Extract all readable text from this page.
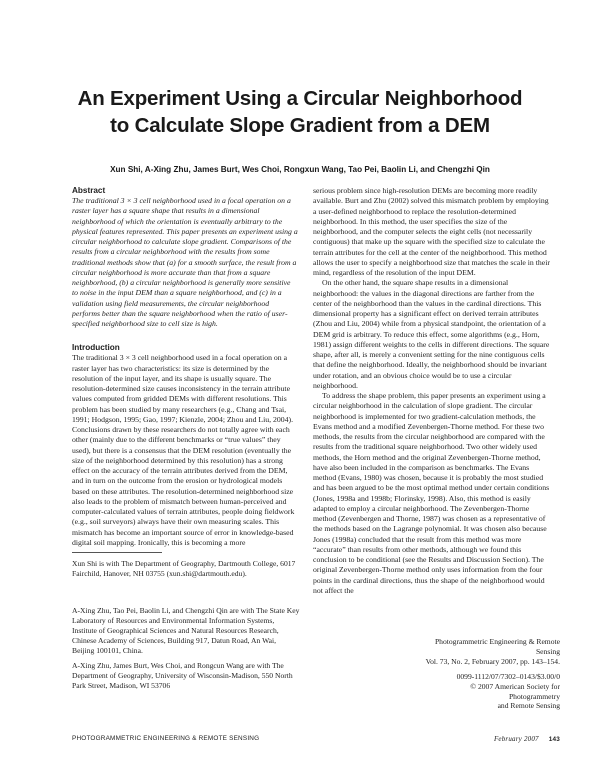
An Experiment Using a Circular Neighborhood
to Calculate Slope Gradient from a DEM
Xun Shi, A-Xing Zhu, James Burt, Wes Choi, Rongxun Wang, Tao Pei, Baolin Li, and Chengzhi Qin
Abstract

The traditional 3 × 3 cell neighborhood used in a focal operation on a raster layer has a square shape that results in a dimensional neighborhood of which the orientation is eventually arbitrary to the physical features represented. This paper presents an experiment using a circular neighborhood to calculate slope gradient. Comparisons of the results from a circular neighborhood with the results from some traditional methods show that (a) for a smooth surface, the result from a circular neighborhood is more accurate than that from a square neighborhood, (b) a circular neighborhood is generally more sensitive to noise in the input DEM than a square neighborhood, and (c) in a validation using field measurements, the circular neighborhood performs better than the square neighborhood when the ratio of user-specified neighborhood size to cell size is high.

Introduction

The traditional 3 × 3 cell neighborhood used in a focal operation on a raster layer has two characteristics: its size is determined by the resolution of the input layer, and its shape is usually square. The resolution-determined size causes inconsistency in the terrain attribute values computed from gridded DEMs with different resolutions. This problem has been studied by many researchers (e.g., Chang and Tsai, 1991; Hodgson, 1995; Gao, 1997; Kienzle, 2004; Zhou and Liu, 2004). Conclusions drawn by these researchers do not totally agree with each other (mainly due to the different benchmarks or “true values” they used), but there is a consensus that the DEM resolution (eventually the size of the neighborhood determined by this resolution) has a strong effect on the accuracy of the terrain attributes derived from the DEM, and in turn on the outcome from the erosion or hydrological models based on these attributes. The resolution-determined neighborhood size also leads to the problem of mismatch between human-perceived and computer-calculated values of terrain attributes, people doing fieldwork (e.g., soil surveyors) always have their own measuring scales. This mismatch has become an important source of error in knowledge-based digital soil mapping. Ironically, this is becoming a more

serious problem since high-resolution DEMs are becoming more readily available. Burt and Zhu (2002) solved this mismatch problem by employing a user-defined neighborhood to replace the resolution-determined neighborhood. In this method, the user specifies the size of the neighborhood, and the computer selects the eight cells (not necessarily contiguous) that make up the square with the specified size to calculate the terrain attributes for the cell at the center of the neighborhood. This method allows the user to specify a neighborhood size that matches the scale in their mind, regardless of the resolution of the input DEM.

On the other hand, the square shape results in a dimensional neighborhood: the values in the diagonal directions are farther from the center of the neighborhood than the values in the cardinal directions. This dimensional property has a significant effect on derived terrain attributes (Zhou and Liu, 2004) while from a physical standpoint, the orientation of a DEM grid is arbitrary. To reduce this effect, some algorithms (e.g., Horn, 1981) assign different weights to the cells in different directions. The square shape, after all, is merely a convenient setting for the nine contiguous cells that define the neighborhood. Ideally, the neighborhood should be invariant under rotation, and an obvious choice would be to use a circular neighborhood.

To address the shape problem, this paper presents an experiment using a circular neighborhood in the calculation of slope gradient. The circular neighborhood is implemented for two gradient-calculation methods, the Evans method and a modified Zevenbergen-Thorne method. For these two methods, the results from the circular neighborhood are compared with the results from the traditional square neighborhood. Two other widely used methods, the Horn method and the original Zevenbergen-Thorne method, have also been included in the comparison as benchmarks. The Evans method (Evans, 1980) was chosen, because it is probably the most studied and has been argued to be the most optimal method under certain conditions (Jones, 1998a and 1998b; Florinsky, 1998). Also, this method is easily adapted to employ a circular neighborhood. The Zevenbergen-Thorne method (Zevenbergen and Thorne, 1987) was chosen as a representative of the methods based on the Lagrange polynomial. It was chosen also because Jones (1998a) concluded that the result from this method was more “accurate” than results from other methods, although we found this conclusion to be conditional (see the Results and Discussion Section). The original Zevenbergen-Thorne method only uses information from the four points in the cardinal directions, thus the shape of the neighborhood would not affect the

Xun Shi is with The Department of Geography, Dartmouth College, 6017 Fairchild, Hanover, NH 03755 (xun.shi@dartmouth.edu).

A-Xing Zhu, Tao Pei, Baolin Li, and Chengzhi Qin are with The State Key Laboratory of Resources and Environmental Information Systems, Institute of Geographical Sciences and Natural Resources Research, Chinese Academy of Sciences, Building 917, Datun Road, An Wai, Beijing 100101, China.

A-Xing Zhu, James Burt, Wes Choi, and Rongcun Wang are with The Department of Geography, University of Wisconsin-Madison, 550 North Park Street, Madison, WI 53706

Photogrammetric Engineering & Remote Sensing
Vol. 73, No. 2, February 2007, pp. 143–154.
0099-1112/07/7302–0143/$3.00/0
© 2007 American Society for Photogrammetry
and Remote Sensing
PHOTOGRAMMETRIC ENGINEERING & REMOTE SENSING	February 2007 143
